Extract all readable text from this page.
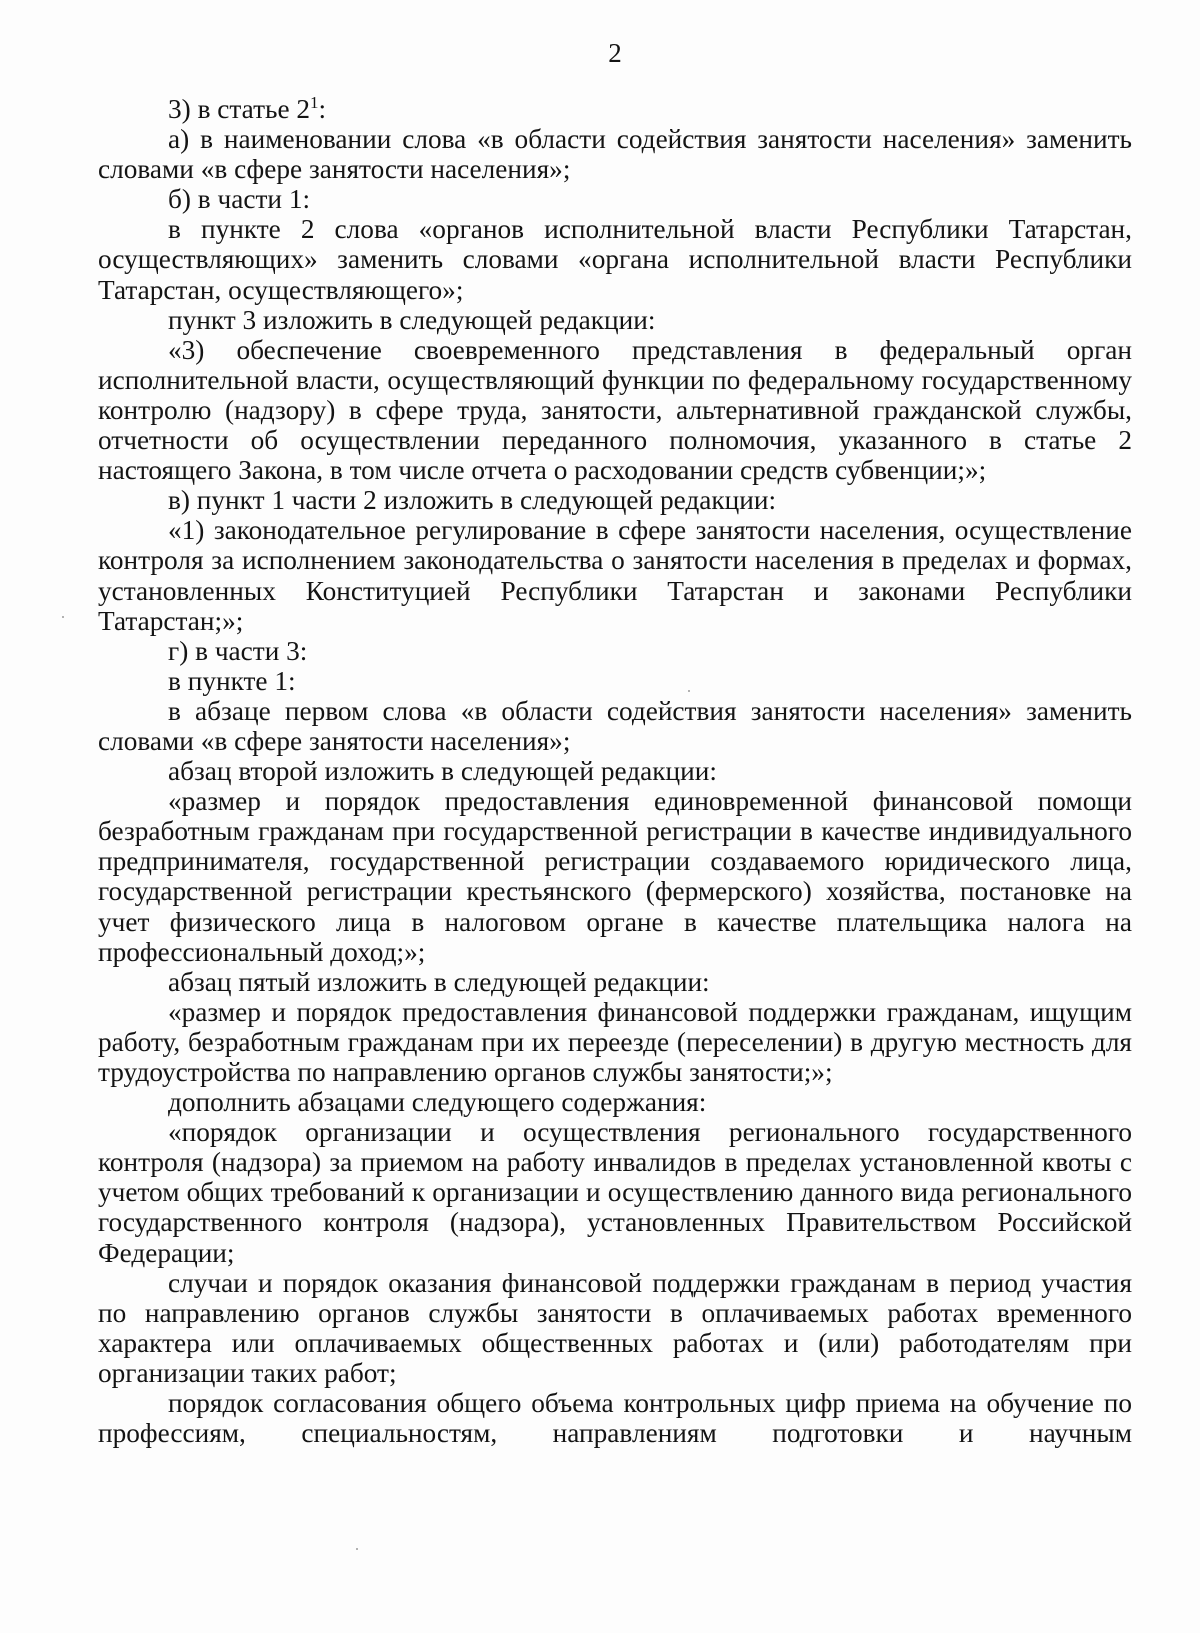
2

3) в статье $2^1$:

а) в наименовании слова «в области содействия занятости населения» заменить словами «в сфере занятости населения»;

б) в части 1:

в пункте 2 слова «органов исполнительной власти Республики Татарстан, осуществляющих» заменить словами «органа исполнительной власти Республики Татарстан, осуществляющего»;

пункт 3 изложить в следующей редакции:

«3) обеспечение своевременного представления в федеральный орган исполнительной власти, осуществляющий функции по федеральному государственному контролю (надзору) в сфере труда, занятости, альтернативной гражданской службы, отчетности об осуществлении переданного полномочия, указанного в статье 2 настоящего Закона, в том числе отчета о расходовании средств субвенции;»;

в) пункт 1 части 2 изложить в следующей редакции:

«1) законодательное регулирование в сфере занятости населения, осуществление контроля за исполнением законодательства о занятости населения в пределах и формах, установленных Конституцией Республики Татарстан и законами Республики Татарстан;»;

г) в части 3:

в пункте 1:

в абзаце первом слова «в области содействия занятости населения» заменить словами «в сфере занятости населения»;

абзац второй изложить в следующей редакции:

«размер и порядок предоставления единовременной финансовой помощи безработным гражданам при государственной регистрации в качестве индивидуального предпринимателя, государственной регистрации создаваемого юридического лица, государственной регистрации крестьянского (фермерского) хозяйства, постановке на учет физического лица в налоговом органе в качестве плательщика налога на профессиональный доход;»;

абзац пятый изложить в следующей редакции:

«размер и порядок предоставления финансовой поддержки гражданам, ищущим работу, безработным гражданам при их переезде (переселении) в другую местность для трудоустройства по направлению органов службы занятости;»;

дополнить абзацами следующего содержания:

«порядок организации и осуществления регионального государственного контроля (надзора) за приемом на работу инвалидов в пределах установленной квоты с учетом общих требований к организации и осуществлению данного вида регионального государственного контроля (надзора), установленных Правительством Российской Федерации;

случаи и порядок оказания финансовой поддержки гражданам в период участия по направлению органов службы занятости в оплачиваемых работах временного характера или оплачиваемых общественных работах и (или) работодателям при организации таких работ;

порядок согласования общего объема контрольных цифр приема на обучение по профессиям, специальностям, направлениям подготовки и научным
